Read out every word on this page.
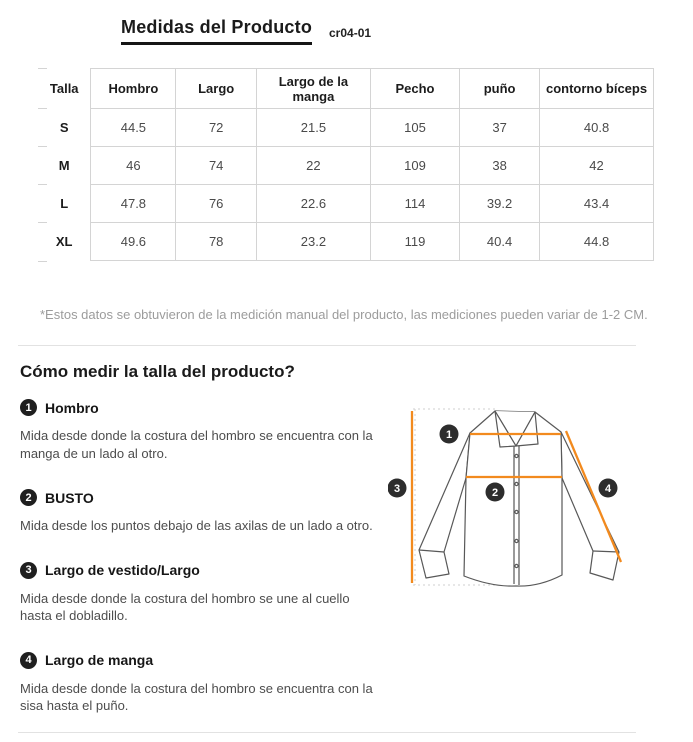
Medidas del Producto cr04-01
Talla	Hombro	Largo	Largo de la manga	Pecho	puño	contorno bíceps
S	44.5	72	21.5	105	37	40.8
M	46	74	22	109	38	42
L	47.8	76	22.6	114	39.2	43.4
XL	49.6	78	23.2	119	40.4	44.8
*Estos datos se obtuvieron de la medición manual del producto, las mediciones pueden variar de 1-2 CM.
Cómo medir la talla del producto?
1 Hombro
Mida desde donde la costura del hombro se encuentra con la manga de un lado al otro.
2 BUSTO
Mida desde los puntos debajo de las axilas de un lado a otro.
3 Largo de vestido/Largo
Mida desde donde la costura del hombro se une al cuello hasta el dobladillo.
4 Largo de manga
Mida desde donde la costura del hombro se encuentra con la sisa hasta el puño.
1
2
3	4
